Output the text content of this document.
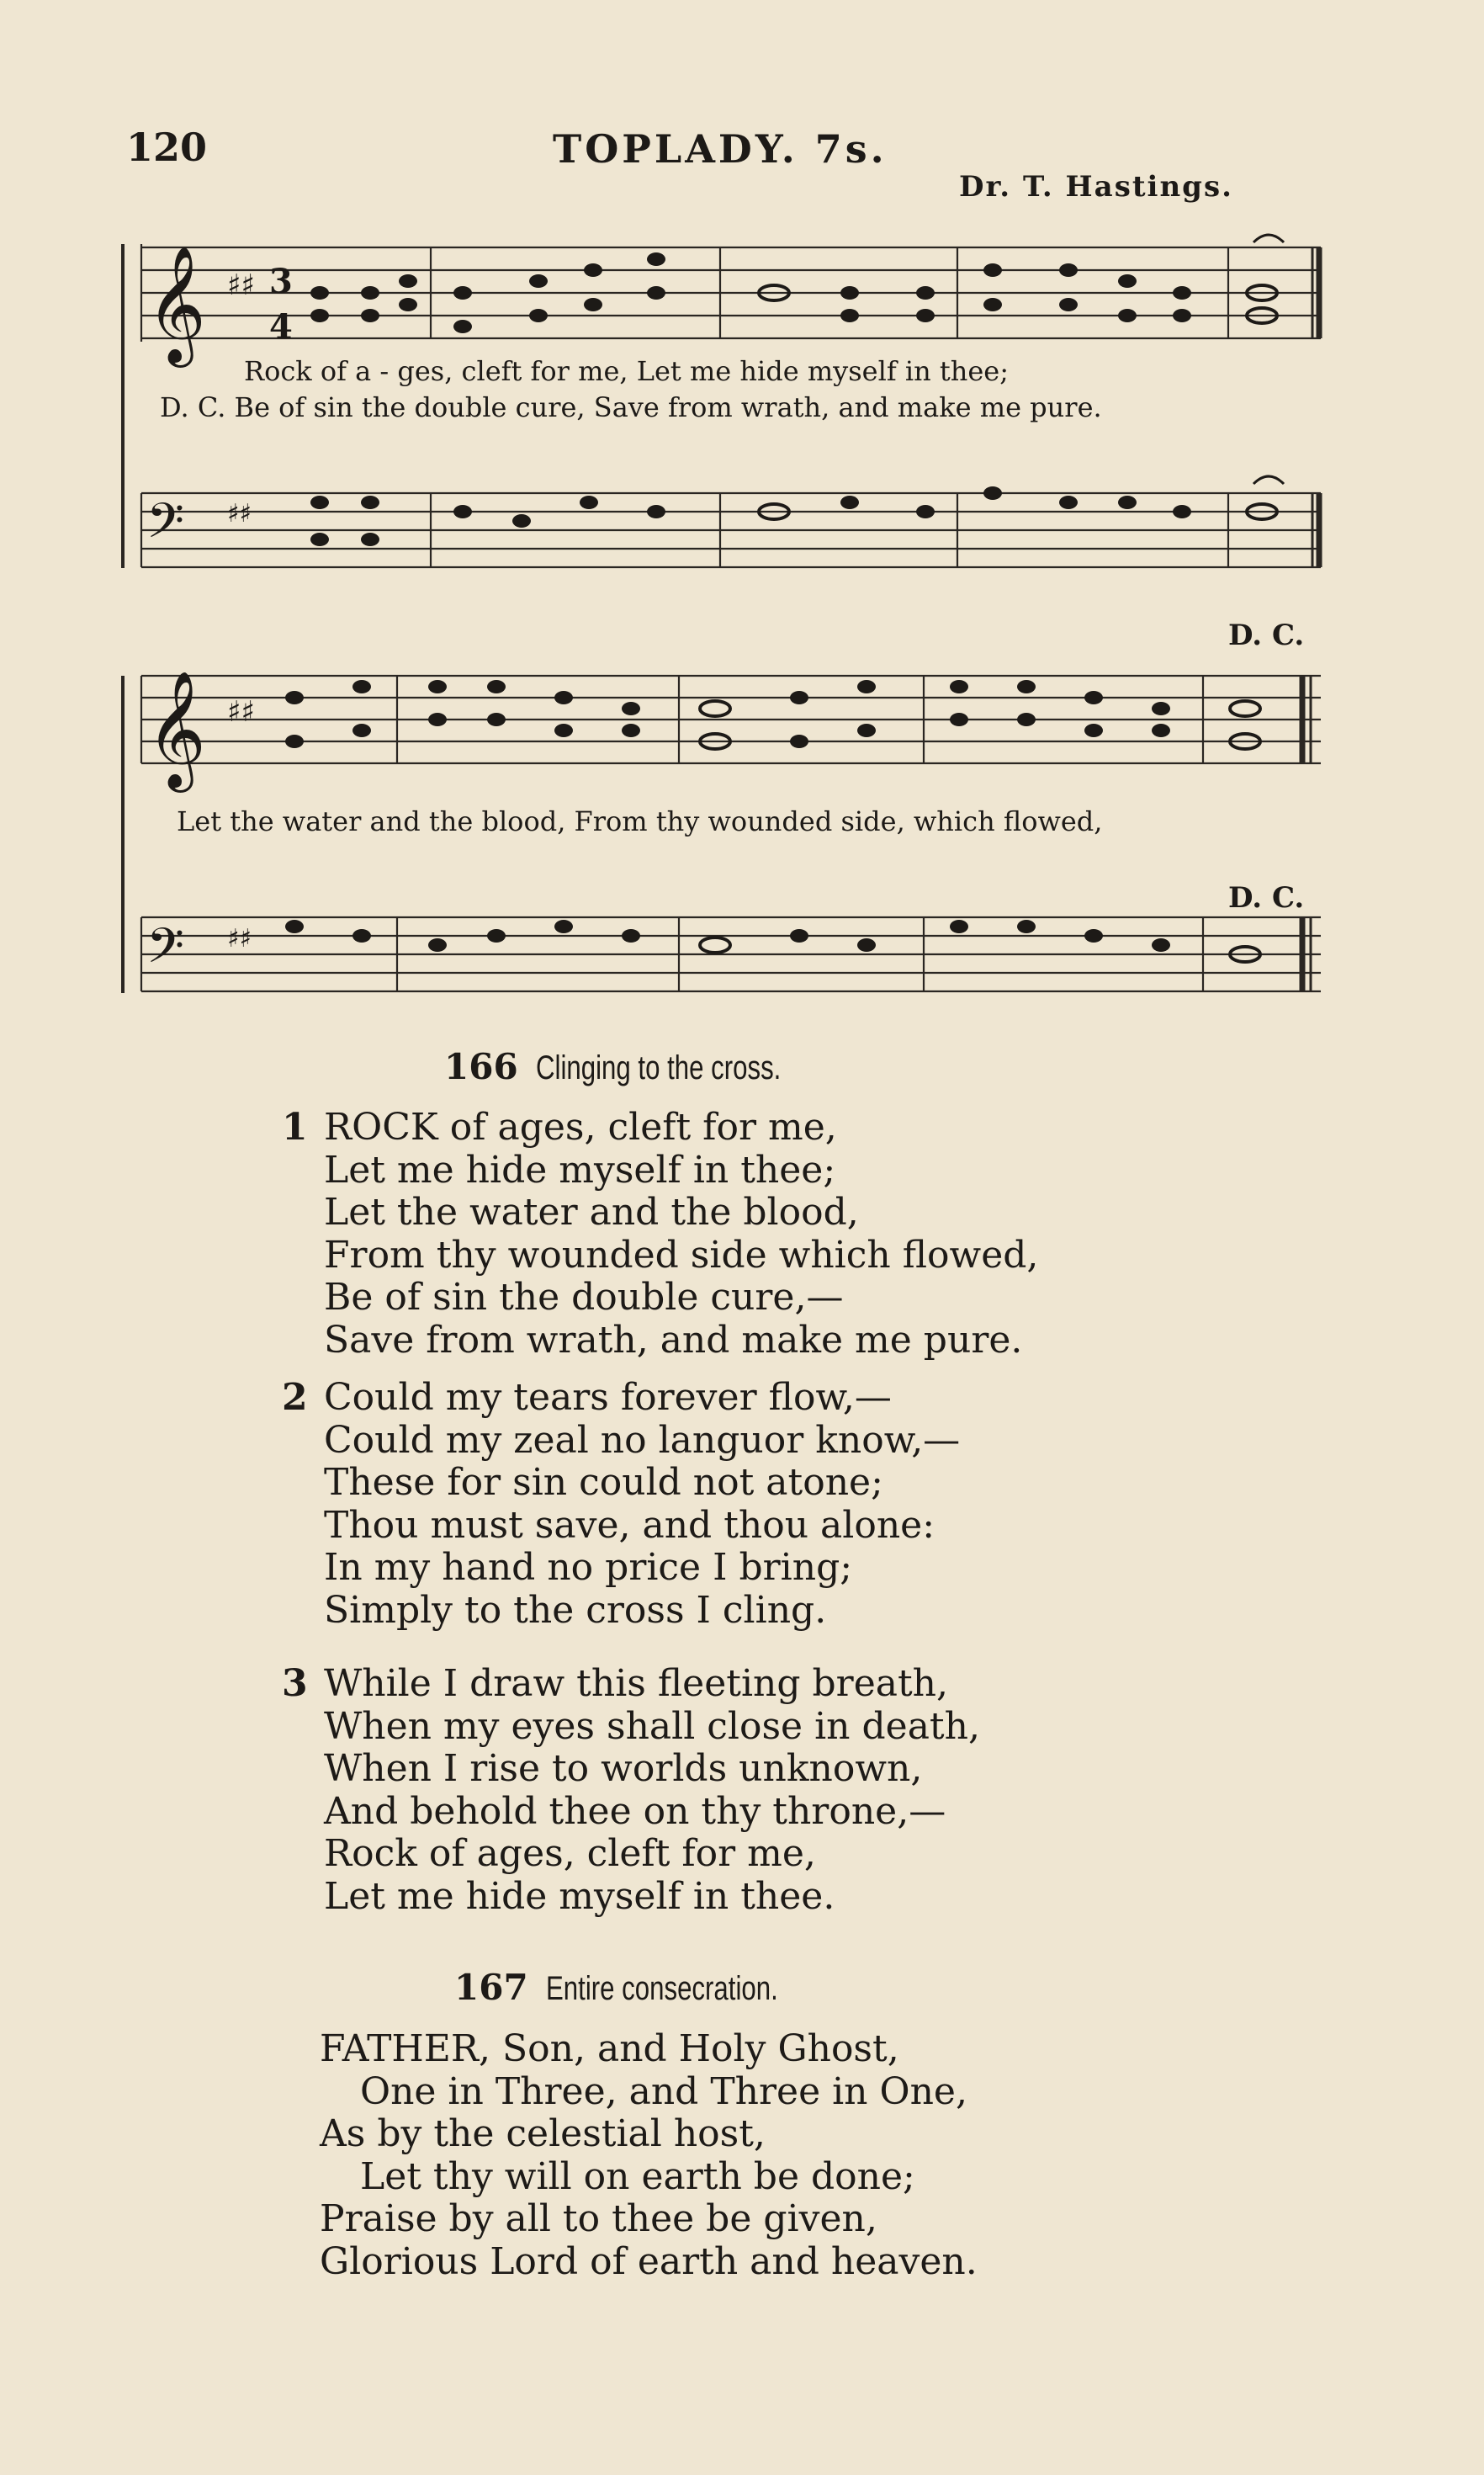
120	TOPLADY. 7s.
Dr. T. Hastings.
𝄞
𝄢
♯♯
♯♯
3
4
Rock of a - ges, cleft for me, Let me hide myself in thee;
D. C. Be of sin the double cure, Save from wrath, and make me pure.
D. C.
𝄞
𝄢
♯♯
♯♯
Let the water and the blood, From thy wounded side, which flowed,
D. C.
166 Clinging to the cross.
1 ROCK of ages, cleft for me,
Let me hide myself in thee;
Let the water and the blood,
From thy wounded side which flowed,
Be of sin the double cure,—
Save from wrath, and make me pure.
2 Could my tears forever flow,—
Could my zeal no languor know,—
These for sin could not atone;
Thou must save, and thou alone:
In my hand no price I bring;
Simply to the cross I cling.
3 While I draw this fleeting breath,
When my eyes shall close in death,
When I rise to worlds unknown,
And behold thee on thy throne,—
Rock of ages, cleft for me,
Let me hide myself in thee.
167 Entire consecration.
FATHER, Son, and Holy Ghost,
One in Three, and Three in One,
As by the celestial host,
Let thy will on earth be done;
Praise by all to thee be given,
Glorious Lord of earth and heaven.
